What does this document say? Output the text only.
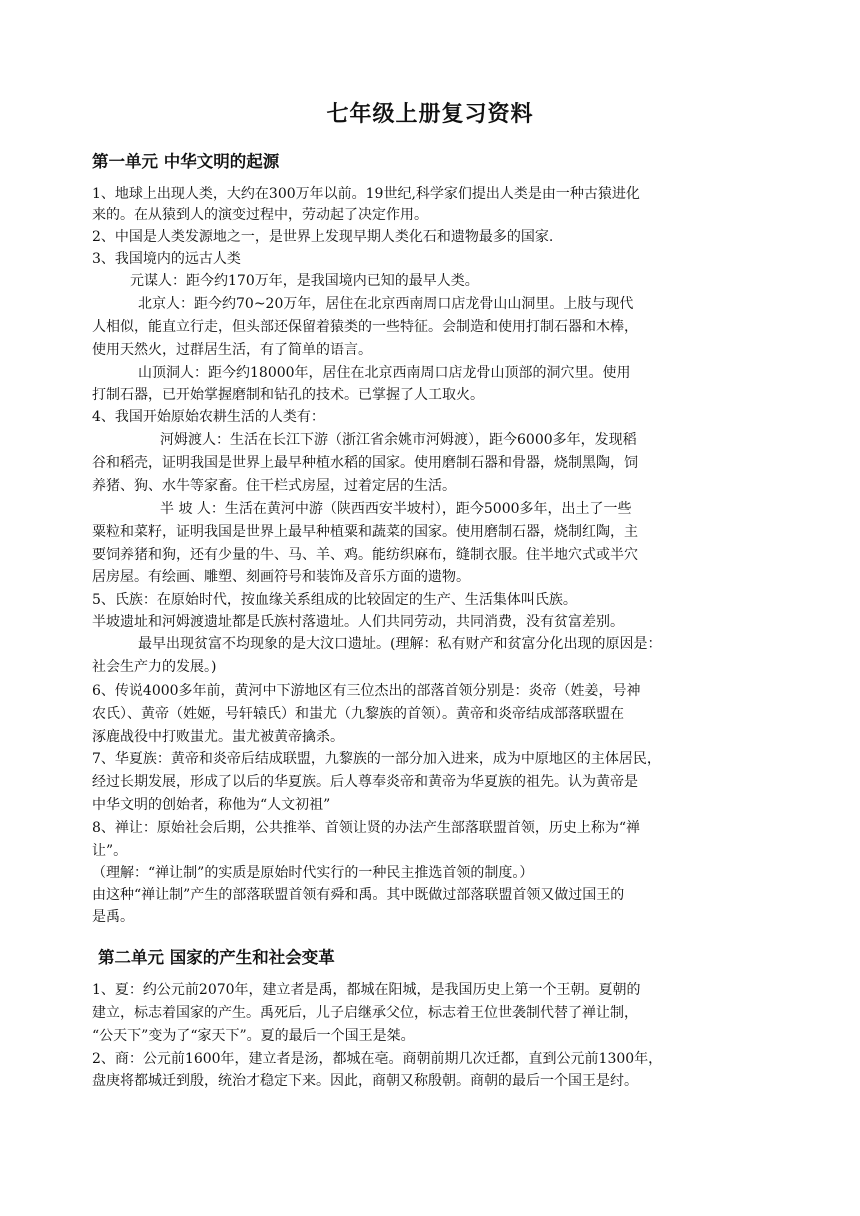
七年级上册复习资料
第一单元 中华文明的起源
1、地球上出现人类，大约在300万年以前。19世纪,科学家们提出人类是由一种古猿进化
来的。在从猿到人的演变过程中，劳动起了决定作用。
2、中国是人类发源地之一，是世界上发现早期人类化石和遗物最多的国家.
3、我国境内的远古人类
元谋人：距今约170万年，是我国境内已知的最早人类。
北京人：距今约70~20万年，居住在北京西南周口店龙骨山山洞里。上肢与现代
人相似，能直立行走，但头部还保留着猿类的一些特征。会制造和使用打制石器和木棒，
使用天然火，过群居生活，有了简单的语言。
山顶洞人：距今约18000年，居住在北京西南周口店龙骨山顶部的洞穴里。使用
打制石器，已开始掌握磨制和钻孔的技术。已掌握了人工取火。
4、我国开始原始农耕生活的人类有：
河姆渡人：生活在长江下游（浙江省余姚市河姆渡），距今6000多年，发现稻
谷和稻壳，证明我国是世界上最早种植水稻的国家。使用磨制石器和骨器，烧制黑陶，饲
养猪、狗、水牛等家畜。住干栏式房屋，过着定居的生活。
半 坡 人：生活在黄河中游（陕西西安半坡村），距今5000多年，出土了一些
粟粒和菜籽，证明我国是世界上最早种植粟和蔬菜的国家。使用磨制石器，烧制红陶，主
要饲养猪和狗，还有少量的牛、马、羊、鸡。能纺织麻布，缝制衣服。住半地穴式或半穴
居房屋。有绘画、雕塑、刻画符号和装饰及音乐方面的遗物。
5、氏族：在原始时代，按血缘关系组成的比较固定的生产、生活集体叫氏族。
半坡遗址和河姆渡遗址都是氏族村落遗址。人们共同劳动，共同消费，没有贫富差别。
最早出现贫富不均现象的是大汶口遗址。(理解：私有财产和贫富分化出现的原因是：
社会生产力的发展。)
6、传说4000多年前，黄河中下游地区有三位杰出的部落首领分别是：炎帝（姓姜，号神
农氏）、黄帝（姓姬，号轩辕氏）和蚩尤（九黎族的首领）。黄帝和炎帝结成部落联盟在
涿鹿战役中打败蚩尤。蚩尤被黄帝擒杀。
7、华夏族：黄帝和炎帝后结成联盟，九黎族的一部分加入进来，成为中原地区的主体居民，
经过长期发展，形成了以后的华夏族。后人尊奉炎帝和黄帝为华夏族的祖先。认为黄帝是
中华文明的创始者，称他为“人文初祖”
8、禅让：原始社会后期，公共推举、首领让贤的办法产生部落联盟首领，历史上称为“禅
让”。
（理解：“禅让制”的实质是原始时代实行的一种民主推选首领的制度。）
由这种“禅让制”产生的部落联盟首领有舜和禹。其中既做过部落联盟首领又做过国王的
是禹。
第二单元 国家的产生和社会变革
1、夏：约公元前2070年，建立者是禹，都城在阳城，是我国历史上第一个王朝。夏朝的
建立，标志着国家的产生。禹死后，儿子启继承父位，标志着王位世袭制代替了禅让制，
“公天下”变为了“家天下”。夏的最后一个国王是桀。
2、商：公元前1600年，建立者是汤，都城在亳。商朝前期几次迁都，直到公元前1300年，
盘庚将都城迁到殷，统治才稳定下来。因此，商朝又称殷朝。商朝的最后一个国王是纣。
